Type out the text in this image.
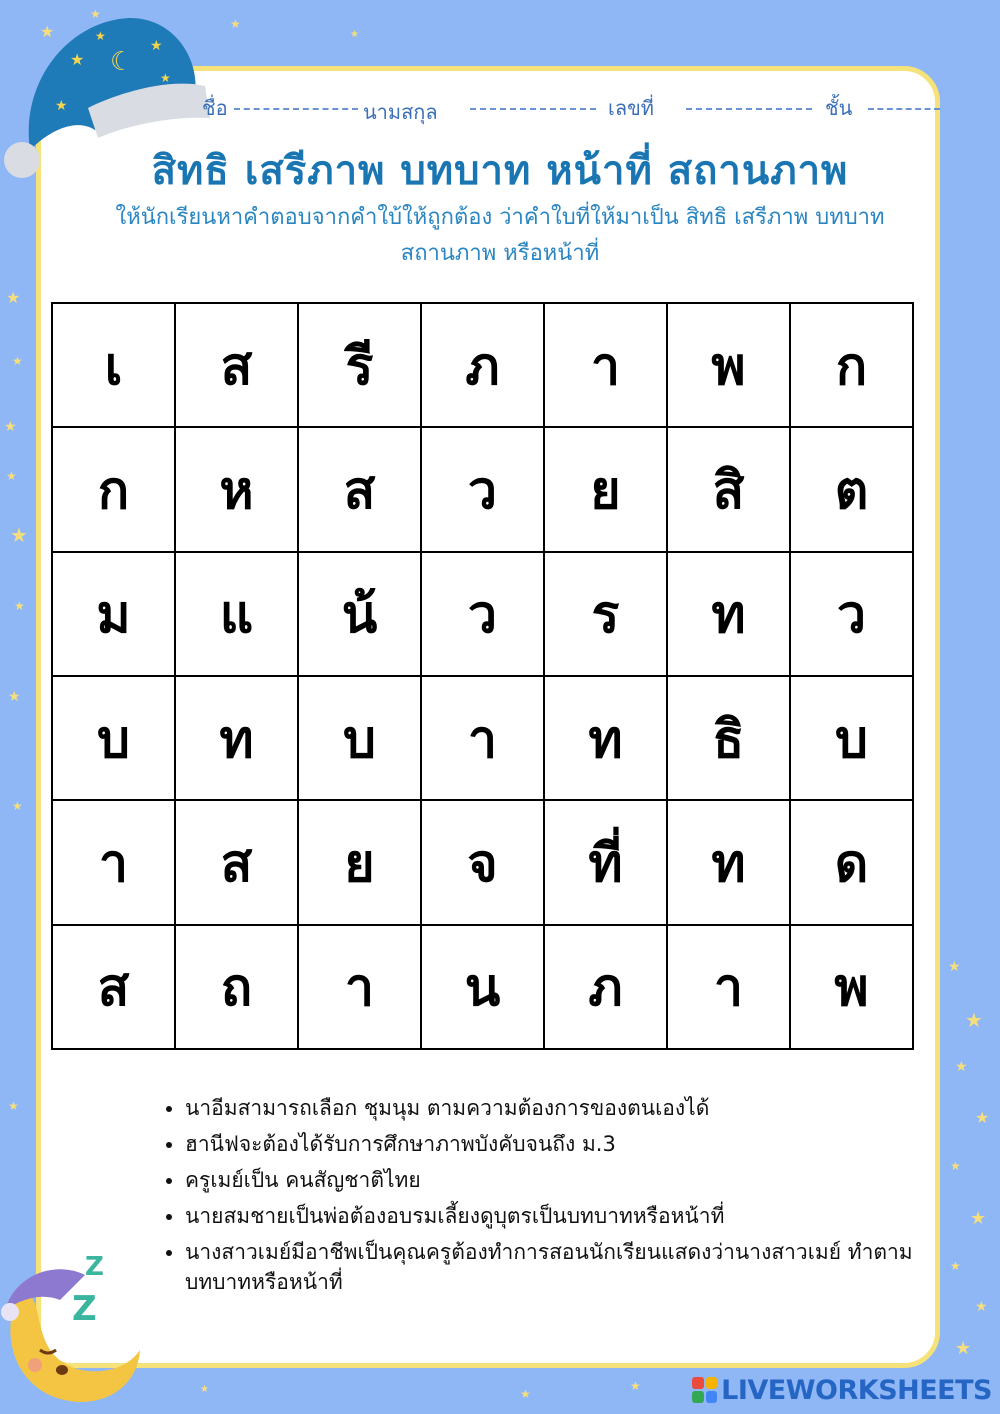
★
★
★
★
★
★
★
★
★
★
★
★
★
★
★
★
★
★
★
★
★
★
★
★
★
☾
★
★
★
★
★
ชื่อ	นามสกุล	เลขที่	ชั้น
สิทธิ เสรีภาพ บทบาท หน้าที่ สถานภาพ
ให้นักเรียนหาคำตอบจากคำใบ้ให้ถูกต้อง ว่าคำใบที่ให้มาเป็น สิทธิ เสรีภาพ บทบาท สถานภาพ หรือหน้าที่
เ	ส	รี	ภ	า	พ	ก
ก	ห	ส	ว	ย	สิ	ต
ม	แ	น้	ว	ร	ท	ว
บ	ท	บ	า	ท	ธิ	บ
า	ส	ย	จ	ที่	ท	ด
ส	ถ	า	น	ภ	า	พ
• นาอีมสามารถเลือก ชุมนุม ตามความต้องการของตนเองได้
• ฮานีฟจะต้องได้รับการศึกษาภาพบังคับจนถึง ม.3
• ครูเมย์เป็น คนสัญชาติไทย
• นายสมชายเป็นพ่อต้องอบรมเลี้ยงดูบุตรเป็นบทบาทหรือหน้าที่
• นางสาวเมย์มีอาชีพเป็นคุณครูต้องทำการสอนนักเรียนแสดงว่านางสาวเมย์ ทำตาม บทบาทหรือหน้าที่
Z
Z
LIVEWORKSHEETS
